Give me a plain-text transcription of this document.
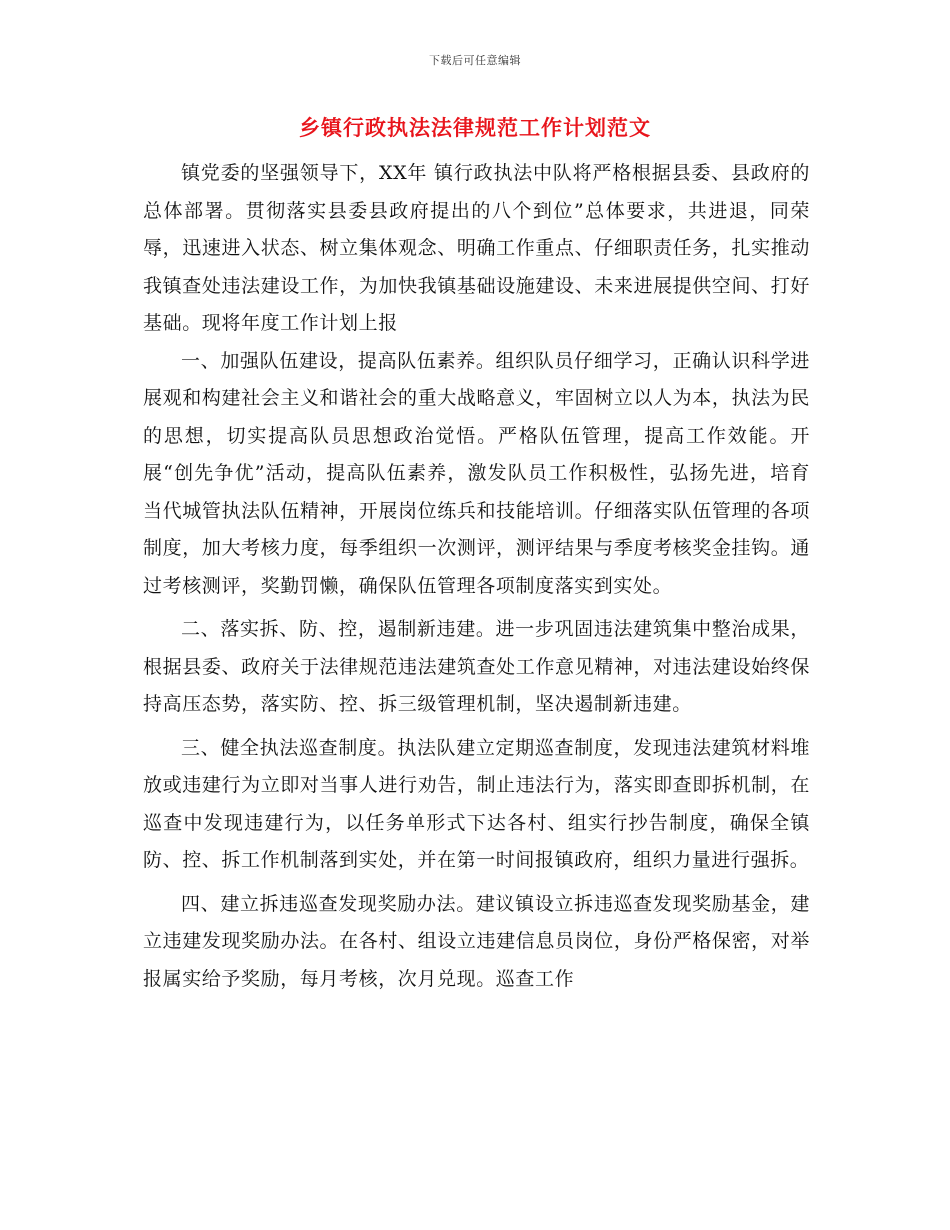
下载后可任意编辑
乡镇行政执法法律规范工作计划范文

镇党委的坚强领导下，XX年 镇行政执法中队将严格根据县委、县政府的总体部署。贯彻落实县委县政府提出的八个到位”总体要求，共进退，同荣辱，迅速进入状态、树立集体观念、明确工作重点、仔细职责任务，扎实推动我镇查处违法建设工作，为加快我镇基础设施建设、未来进展提供空间、打好基础。现将年度工作计划上报

一、加强队伍建设，提高队伍素养。组织队员仔细学习，正确认识科学进展观和构建社会主义和谐社会的重大战略意义，牢固树立以人为本，执法为民的思想，切实提高队员思想政治觉悟。严格队伍管理，提高工作效能。开展“创先争优”活动，提高队伍素养，激发队员工作积极性，弘扬先进，培育当代城管执法队伍精神，开展岗位练兵和技能培训。仔细落实队伍管理的各项制度，加大考核力度，每季组织一次测评，测评结果与季度考核奖金挂钩。通过考核测评，奖勤罚懒，确保队伍管理各项制度落实到实处。

二、落实拆、防、控，遏制新违建。进一步巩固违法建筑集中整治成果，根据县委、政府关于法律规范违法建筑查处工作意见精神，对违法建设始终保持高压态势，落实防、控、拆三级管理机制，坚决遏制新违建。

三、健全执法巡查制度。执法队建立定期巡查制度，发现违法建筑材料堆放或违建行为立即对当事人进行劝告，制止违法行为，落实即查即拆机制，在巡查中发现违建行为，以任务单形式下达各村、组实行抄告制度，确保全镇防、控、拆工作机制落到实处，并在第一时间报镇政府，组织力量进行强拆。

四、建立拆违巡查发现奖励办法。建议镇设立拆违巡查发现奖励基金，建立违建发现奖励办法。在各村、组设立违建信息员岗位，身份严格保密，对举报属实给予奖励，每月考核，次月兑现。巡查工作
